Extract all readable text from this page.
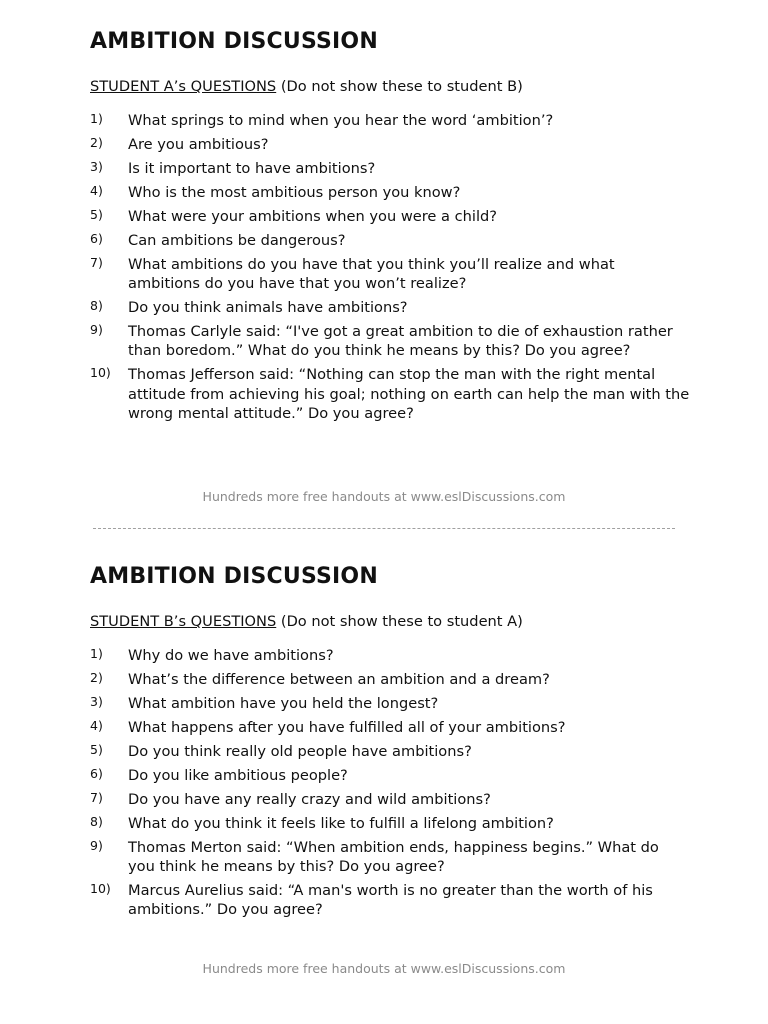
AMBITION DISCUSSION
STUDENT A’s QUESTIONS (Do not show these to student B)
1) What springs to mind when you hear the word ‘ambition’?
2) Are you ambitious?
3) Is it important to have ambitions?
4) Who is the most ambitious person you know?
5) What were your ambitions when you were a child?
6) Can ambitions be dangerous?
7) What ambitions do you have that you think you’ll realize and what ambitions do you have that you won’t realize?
8) Do you think animals have ambitions?
9) Thomas Carlyle said: “I've got a great ambition to die of exhaustion rather than boredom.” What do you think he means by this? Do you agree?
10) Thomas Jefferson said: “Nothing can stop the man with the right mental attitude from achieving his goal; nothing on earth can help the man with the wrong mental attitude.” Do you agree?
Hundreds more free handouts at www.eslDiscussions.com
AMBITION DISCUSSION
STUDENT B’s QUESTIONS (Do not show these to student A)
1) Why do we have ambitions?
2) What’s the difference between an ambition and a dream?
3) What ambition have you held the longest?
4) What happens after you have fulfilled all of your ambitions?
5) Do you think really old people have ambitions?
6) Do you like ambitious people?
7) Do you have any really crazy and wild ambitions?
8) What do you think it feels like to fulfill a lifelong ambition?
9) Thomas Merton said: “When ambition ends, happiness begins.” What do you think he means by this? Do you agree?
10) Marcus Aurelius said: “A man's worth is no greater than the worth of his ambitions.” Do you agree?
Hundreds more free handouts at www.eslDiscussions.com
